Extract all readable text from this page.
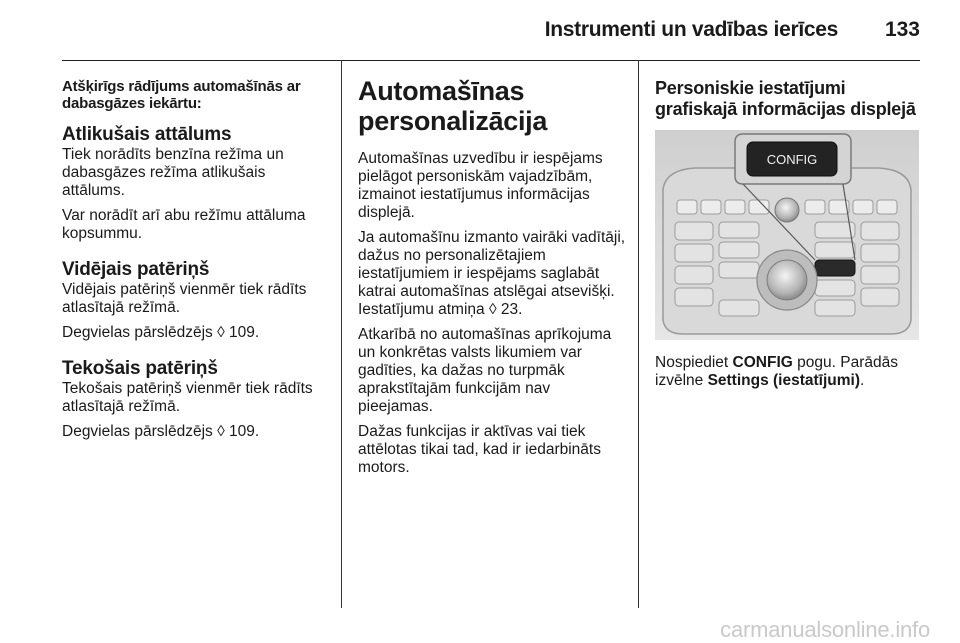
Instrumenti un vadības ierīces 133
Atšķirīgs rādījums automašīnās ar dabasgāzes iekārtu:
Atlikušais attālums

Tiek norādīts benzīna režīma un dabasgāzes režīma atlikušais attālums.

Var norādīt arī abu režīmu attāluma kopsummu.

Vidējais patēriņš

Vidējais patēriņš vienmēr tiek rādīts atlasītajā režīmā.

Degvielas pārslēdzējs ◊ 109.

Tekošais patēriņš

Tekošais patēriņš vienmēr tiek rādīts atlasītajā režīmā.

Degvielas pārslēdzējs ◊ 109.

Automašīnas
personalizācija

Automašīnas uzvedību ir iespējams pielāgot personiskām vajadzībām, izmainot iestatījumus informācijas displejā.

Ja automašīnu izmanto vairāki vadītāji, dažus no personalizētajiem iestatījumiem ir iespējams saglabāt katrai automašīnas atslēgai atsevišķi. Iestatījumu atmiņa ◊ 23.

Atkarībā no automašīnas aprīkojuma un konkrētas valsts likumiem var gadīties, ka dažas no turpmāk aprakstītajām funkcijām nav pieejamas.

Dažas funkcijas ir aktīvas vai tiek attēlotas tikai tad, kad ir iedarbināts motors.

Personiskie iestatījumi
grafiskajā informācijas displejā
CONFIG

Nospiediet CONFIG pogu. Parādās izvēlne Settings (iestatījumi).

carmanualsonline.info
